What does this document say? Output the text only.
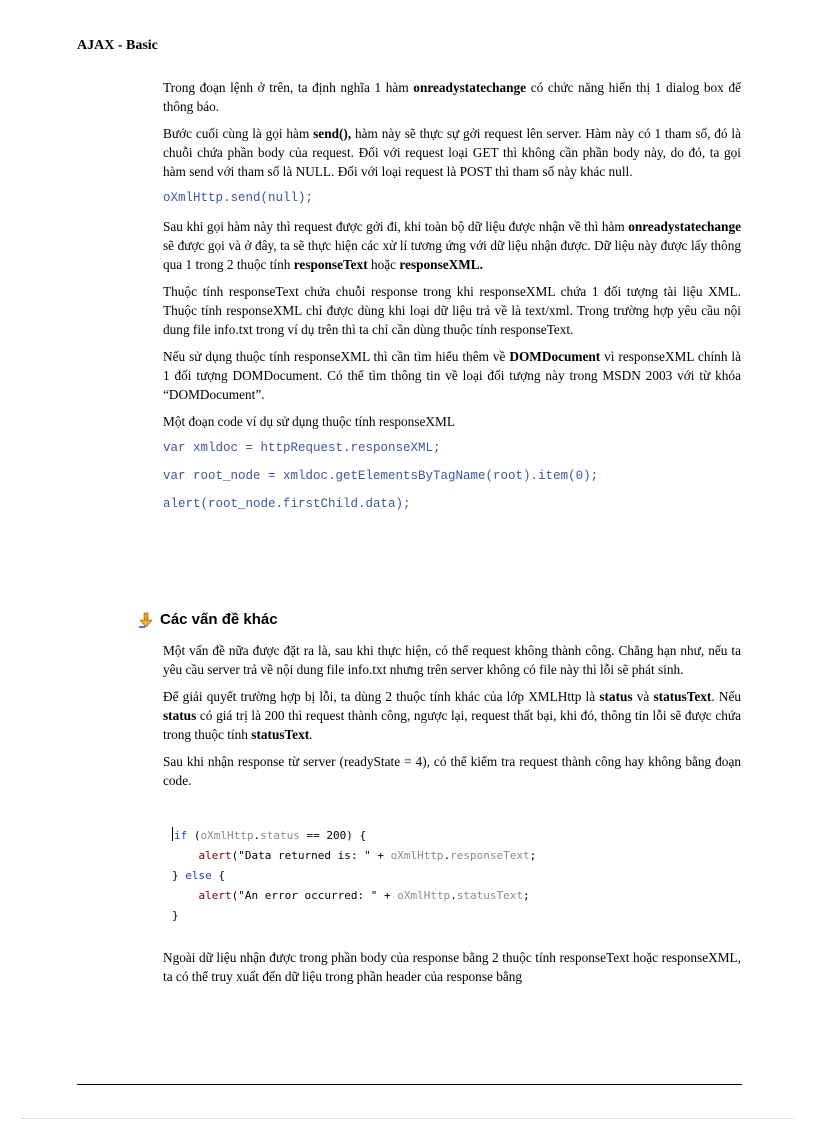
AJAX - Basic

Trong đoạn lệnh ở trên, ta định nghĩa 1 hàm onreadystatechange có chức năng hiển thị 1 dialog box để thông báo.

Bước cuối cùng là gọi hàm send(), hàm này sẽ thực sự gởi request lên server. Hàm này có 1 tham số, đó là chuỗi chứa phần body của request. Đối với request loại GET thì không cần phần body này, do đó, ta gọi hàm send với tham số là NULL. Đối với loại request là POST thì tham số này khác null.

oXmlHttp.send(null);

Sau khi gọi hàm này thì request được gởi đi, khi toàn bộ dữ liệu được nhận về thì hàm onreadystatechange sẽ được gọi và ở đây, ta sẽ thực hiện các xử lí tương ứng với dữ liệu nhận được. Dữ liệu này được lấy thông qua 1 trong 2 thuộc tính responseText hoặc responseXML.

Thuộc tính responseText chứa chuỗi response trong khi responseXML chứa 1 đối tượng tài liệu XML. Thuộc tính responseXML chỉ được dùng khi loại dữ liệu trả về là text/xml. Trong trường hợp yêu cầu nội dung file info.txt trong ví dụ trên thì ta chỉ cần dùng thuộc tính responseText.

Nếu sử dụng thuộc tính responseXML thì cần tìm hiểu thêm về DOMDocument vì responseXML chính là 1 đối tượng DOMDocument. Có thể tìm thông tin về loại đối tượng này trong MSDN 2003 với từ khóa “DOMDocument”.

Một đoạn code ví dụ sử dụng thuộc tính responseXML

var xmldoc = httpRequest.responseXML;
var root_node = xmldoc.getElementsByTagName(root).item(0);
alert(root_node.firstChild.data);
Các vấn đề khác

Một vấn đề nữa được đặt ra là, sau khi thực hiện, có thể request không thành công. Chẳng hạn như, nếu ta yêu cầu server trả về nội dung file info.txt nhưng trên server không có file này thì lỗi sẽ phát sinh.

Để giải quyết trường hợp bị lỗi, ta dùng 2 thuộc tính khác của lớp XMLHttp là status và statusText. Nếu status có giá trị là 200 thì request thành công, ngược lại, request thất bại, khi đó, thông tin lỗi sẽ được chứa trong thuộc tính statusText.

Sau khi nhận response từ server (readyState = 4), có thể kiểm tra request thành công hay không bằng đoạn code.

if (oXmlHttp.status == 200) {
alert("Data returned is: " + oXmlHttp.responseText;
} else {
alert("An error occurred: " + oXmlHttp.statusText;
}

Ngoài dữ liệu nhận được trong phần body của response bằng 2 thuộc tính responseText hoặc responseXML, ta có thể truy xuất đến dữ liệu trong phần header của response bằng
